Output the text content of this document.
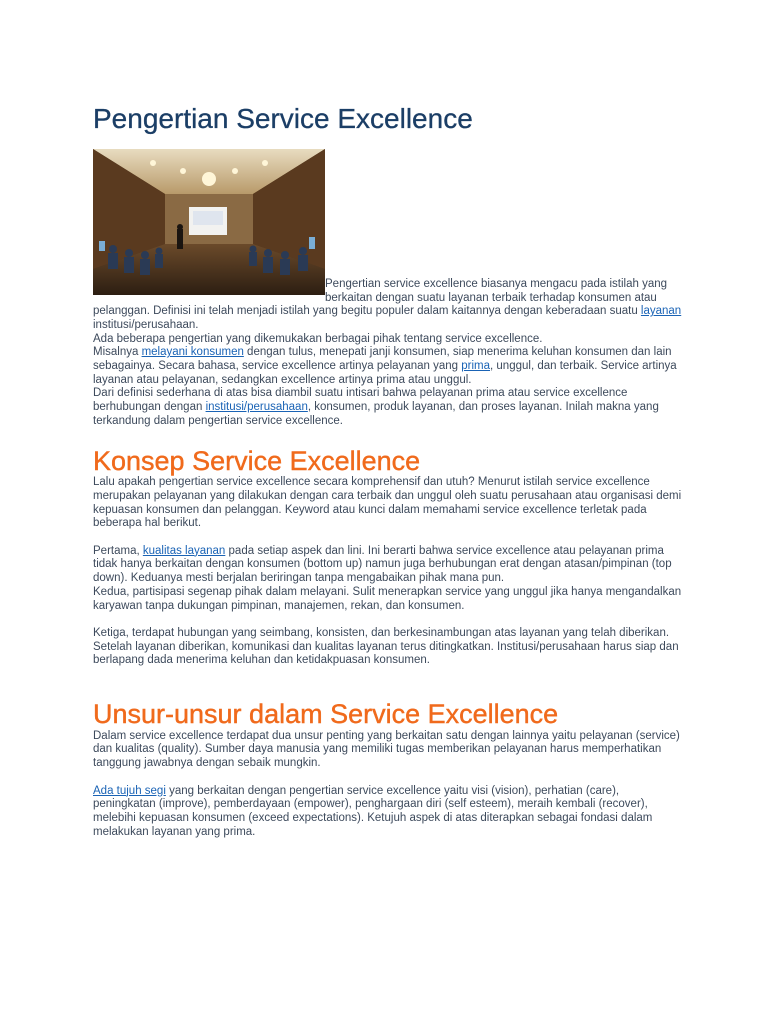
Pengertian Service Excellence

Pengertian service excellence biasanya mengacu pada istilah yang berkaitan dengan suatu layanan terbaik terhadap konsumen atau pelanggan. Definisi ini telah menjadi istilah yang begitu populer dalam kaitannya dengan keberadaan suatu layanan institusi/perusahaan.

Ada beberapa pengertian yang dikemukakan berbagai pihak tentang service excellence.

Misalnya melayani konsumen dengan tulus, menepati janji konsumen, siap menerima keluhan konsumen dan lain sebagainya. Secara bahasa, service excellence artinya pelayanan yang prima, unggul, dan terbaik. Service artinya layanan atau pelayanan, sedangkan excellence artinya prima atau unggul.

Dari definisi sederhana di atas bisa diambil suatu intisari bahwa pelayanan prima atau service excellence berhubungan dengan institusi/perusahaan, konsumen, produk layanan, dan proses layanan. Inilah makna yang terkandung dalam pengertian service excellence.

Konsep Service Excellence

Lalu apakah pengertian service excellence secara komprehensif dan utuh? Menurut istilah service excellence merupakan pelayanan yang dilakukan dengan cara terbaik dan unggul oleh suatu perusahaan atau organisasi demi kepuasan konsumen dan pelanggan. Keyword atau kunci dalam memahami service excellence terletak pada beberapa hal berikut.

Pertama, kualitas layanan pada setiap aspek dan lini. Ini berarti bahwa service excellence atau pelayanan prima tidak hanya berkaitan dengan konsumen (bottom up) namun juga berhubungan erat dengan atasan/pimpinan (top down). Keduanya mesti berjalan beriringan tanpa mengabaikan pihak mana pun.

Kedua, partisipasi segenap pihak dalam melayani. Sulit menerapkan service yang unggul jika hanya mengandalkan karyawan tanpa dukungan pimpinan, manajemen, rekan, dan konsumen.

Ketiga, terdapat hubungan yang seimbang, konsisten, dan berkesinambungan atas layanan yang telah diberikan. Setelah layanan diberikan, komunikasi dan kualitas layanan terus ditingkatkan. Institusi/perusahaan harus siap dan berlapang dada menerima keluhan dan ketidakpuasan konsumen.

Unsur-unsur dalam Service Excellence

Dalam service excellence terdapat dua unsur penting yang berkaitan satu dengan lainnya yaitu pelayanan (service) dan kualitas (quality). Sumber daya manusia yang memiliki tugas memberikan pelayanan harus memperhatikan tanggung jawabnya dengan sebaik mungkin.

Ada tujuh segi yang berkaitan dengan pengertian service excellence yaitu visi (vision), perhatian (care), peningkatan (improve), pemberdayaan (empower), penghargaan diri (self esteem), meraih kembali (recover), melebihi kepuasan konsumen (exceed expectations). Ketujuh aspek di atas diterapkan sebagai fondasi dalam melakukan layanan yang prima.
